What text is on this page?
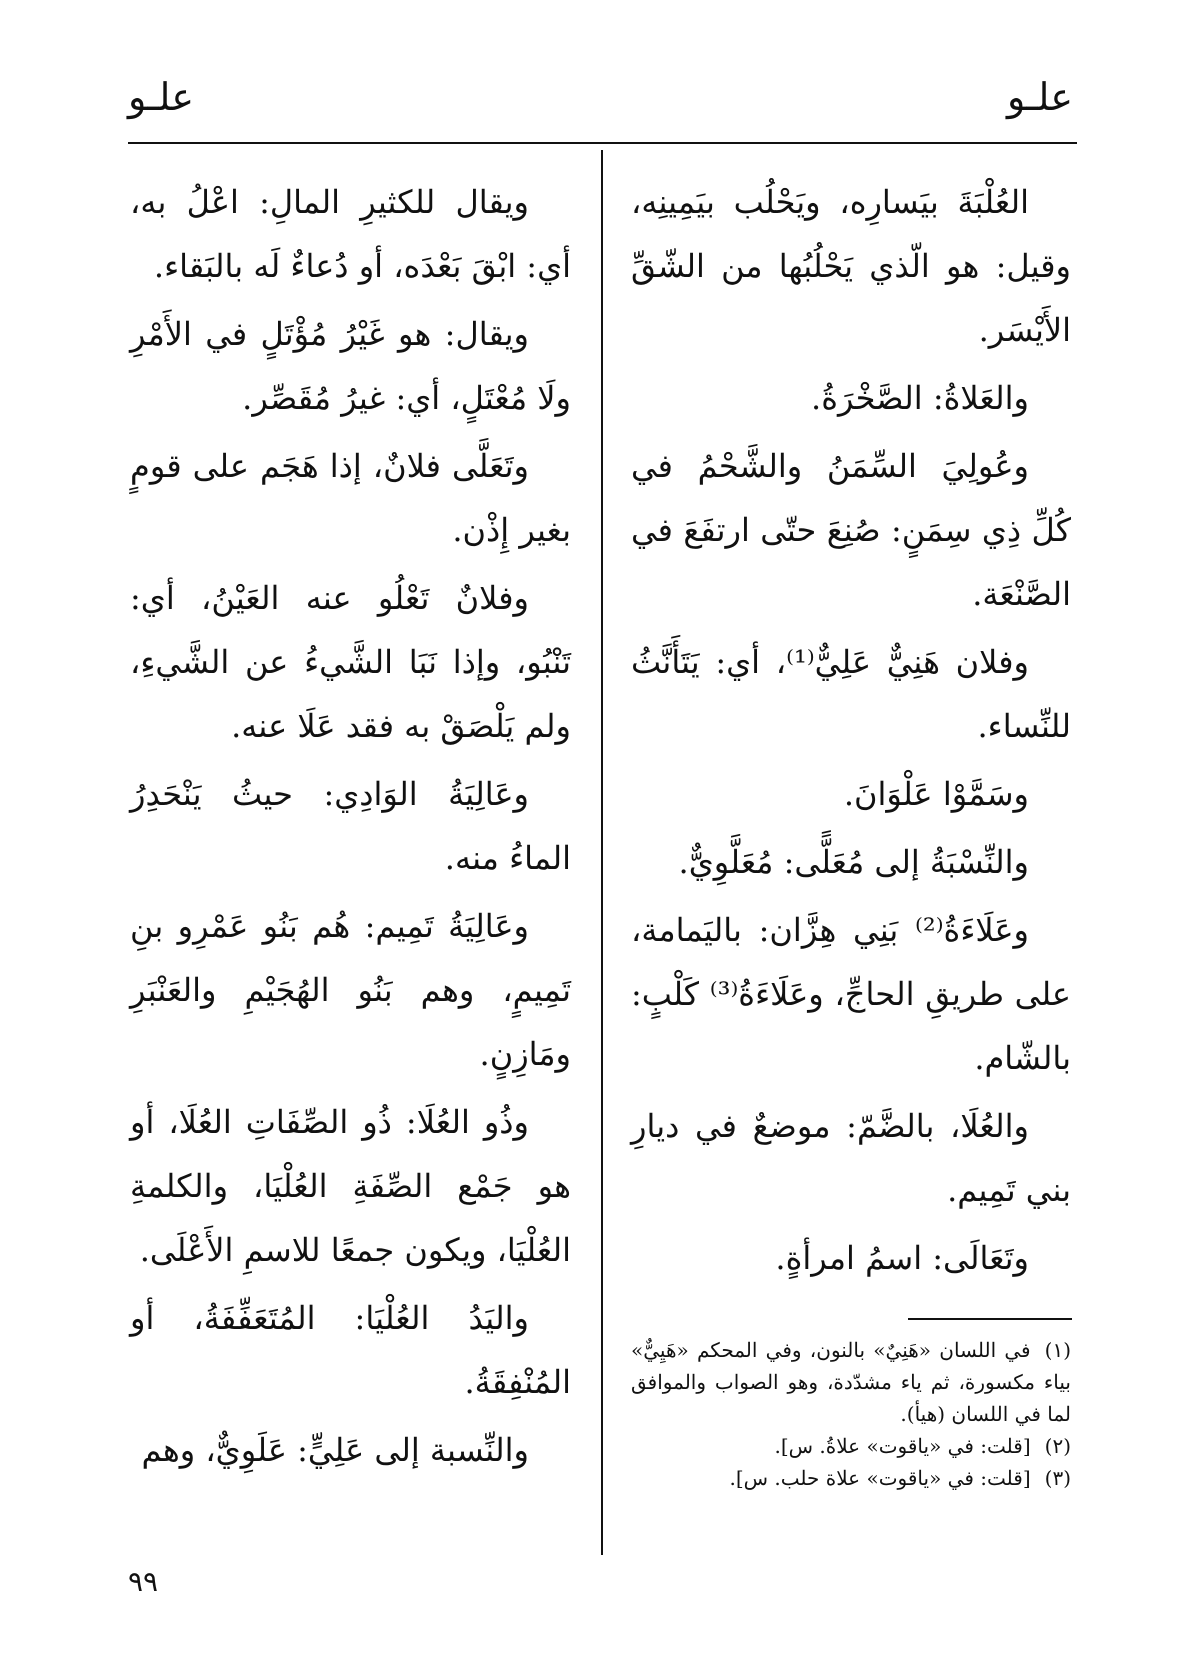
علـو
علـو

العُلْبَةَ بيَسارِه، ويَحْلُب بيَمِينِه، وقيل: هو الّذي يَحْلُبُها من الشّقِّ الأَيْسَر.

والعَلاةُ: الصَّخْرَةُ.

وعُولِيَ السِّمَنُ والشَّحْمُ في كُلِّ ذِي سِمَنٍ: صُنِعَ حتّى ارتفَعَ في الصَّنْعَة.

وفلان هَنِيٌّ عَلِيٌّ⁽¹⁾، أي: يَتَأَنَّثُ للنِّساء.

وسَمَّوْا عَلْوَانَ.

والنِّسْبَةُ إلى مُعَلًّى: مُعَلَّوِيٌّ.

وعَلَاءَةُ⁽²⁾ بَنِي هِزَّان: باليَمامة، على طريقِ الحاجِّ، وعَلَاءَةُ⁽³⁾ كَلْبٍ: بالشّام.

والعُلَا، بالضَّمّ: موضعٌ في ديارِ بني تَمِيم.

وتَعَالَى: اسمُ امرأةٍ.

(١)في اللسان «هَنِيٌ» بالنون، وفي المحكم «هَيِيٌّ» بياء مكسورة، ثم ياء مشدّدة، وهو الصواب والموافق لما في اللسان (هيأ).

(٢)[قلت: في «ياقوت» علاةُ. س].

(٣)[قلت: في «ياقوت» علاة حلب. س].

ويقال للكثيرِ المالِ: اعْلُ به، أي: ابْقَ بَعْدَه، أو دُعاءٌ لَه بالبَقاء.

ويقال: هو غَيْرُ مُؤْتَلٍ في الأَمْرِ ولَا مُعْتَلٍ، أي: غيرُ مُقَصِّر.

وتَعَلَّى فلانٌ، إذا هَجَم على قومٍ بغير إِذْن.

وفلانٌ تَعْلُو عنه العَيْنُ، أي: تَنْبُو، وإذا نَبَا الشَّيءُ عن الشَّيءِ، ولم يَلْصَقْ به فقد عَلَا عنه.

وعَالِيَةُ الوَادِي: حيثُ يَنْحَدِرُ الماءُ منه.

وعَالِيَةُ تَمِيم: هُم بَنُو عَمْرِو بنِ تَمِيمٍ، وهم بَنُو الهُجَيْمِ والعَنْبَرِ ومَازِنٍ.

وذُو العُلَا: ذُو الصِّفَاتِ العُلَا، أو هو جَمْع الصِّفَةِ العُلْيَا، والكلمةِ العُلْيَا، ويكون جمعًا للاسمِ الأَعْلَى.

واليَدُ العُلْيَا: المُتَعَفِّفَةُ، أو المُنْفِقَةُ.

والنِّسبة إلى عَلِيٍّ: عَلَوِيٌّ، وهم

٩٩
